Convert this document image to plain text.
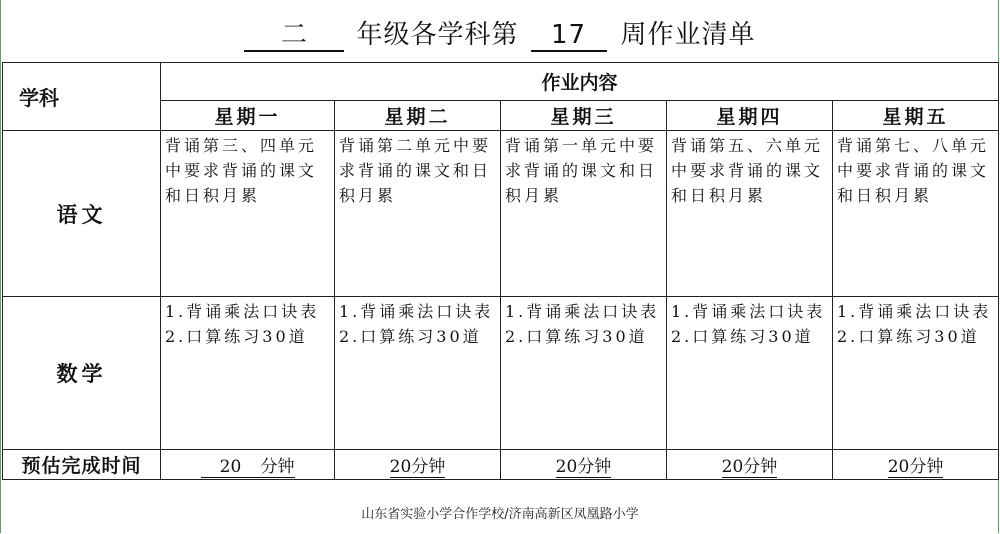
二 年级各学科第 17 周作业清单
学科	作业内容				
	星期一	星期二	星期三	星期四	星期五
语文	背诵第三、四单元中要求背诵的课文和日积月累	背诵第二单元中要求背诵的课文和日积月累	背诵第一单元中要求背诵的课文和日积月累	背诵第五、六单元中要求背诵的课文和日积月累	背诵第七、八单元中要求背诵的课文和日积月累
数学	1.背诵乘法口诀表 2.口算练习30道	1.背诵乘法口诀表 2.口算练习30道	1.背诵乘法口诀表 2.口算练习30道	1.背诵乘法口诀表 2.口算练习30道	1.背诵乘法口诀表 2.口算练习30道
预估完成时间	20 分钟	20分钟	20分钟	20分钟	20分钟
山东省实验小学合作学校/济南高新区凤凰路小学
